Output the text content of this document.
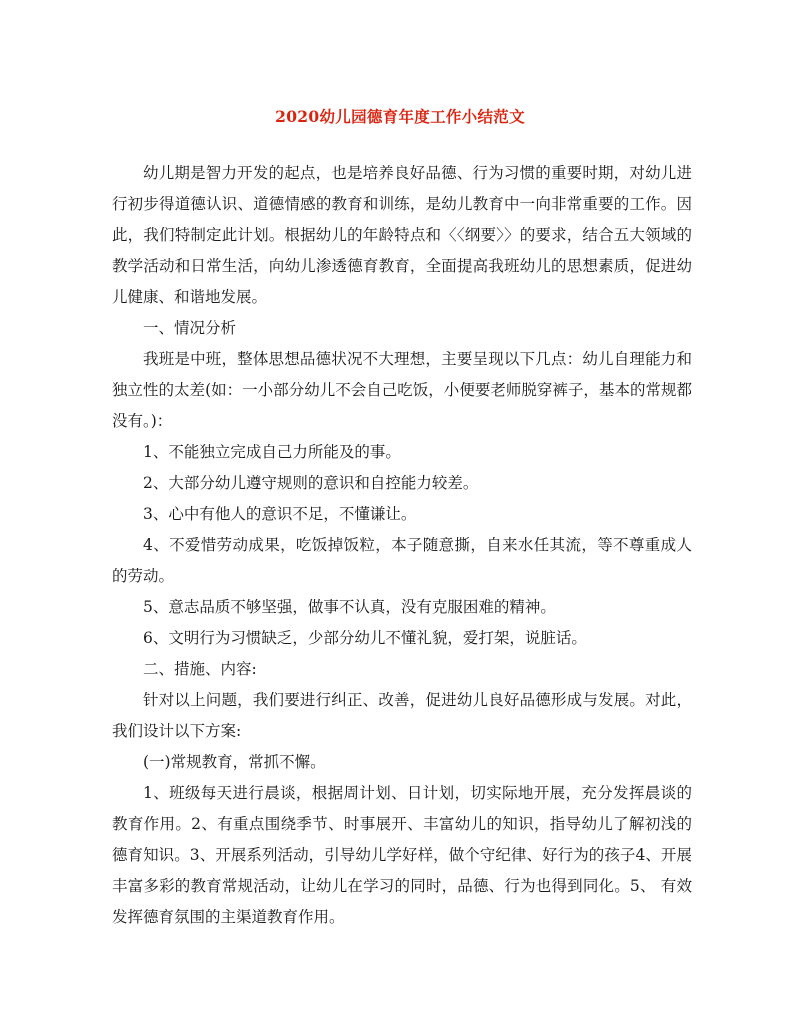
2020幼儿园德育年度工作小结范文

幼儿期是智力开发的起点，也是培养良好品德、行为习惯的重要时期，对幼儿进行初步得道德认识、道德情感的教育和训练，是幼儿教育中一向非常重要的工作。因此，我们特制定此计划。根据幼儿的年龄特点和〈〈纲要〉〉的要求，结合五大领域的教学活动和日常生活，向幼儿渗透德育教育，全面提高我班幼儿的思想素质，促进幼儿健康、和谐地发展。

一、情况分析

我班是中班，整体思想品德状况不大理想，主要呈现以下几点：幼儿自理能力和独立性的太差(如：一小部分幼儿不会自己吃饭，小便要老师脱穿裤子，基本的常规都没有。)：

1、不能独立完成自己力所能及的事。

2、大部分幼儿遵守规则的意识和自控能力较差。

3、心中有他人的意识不足，不懂谦让。

4、不爱惜劳动成果，吃饭掉饭粒，本子随意撕，自来水任其流，等不尊重成人的劳动。

5、意志品质不够坚强，做事不认真，没有克服困难的精神。

6、文明行为习惯缺乏，少部分幼儿不懂礼貌，爱打架，说脏话。

二、措施、内容:

针对以上问题，我们要进行纠正、改善，促进幼儿良好品德形成与发展。对此，我们设计以下方案:

(一)常规教育，常抓不懈。

1、班级每天进行晨谈，根据周计划、日计划，切实际地开展，充分发挥晨谈的教育作用。2、有重点围绕季节、时事展开、丰富幼儿的知识，指导幼儿了解初浅的德育知识。3、开展系列活动，引导幼儿学好样，做个守纪律、好行为的孩子4、开展丰富多彩的教育常规活动，让幼儿在学习的同时，品德、行为也得到同化。5、 有效发挥德育氛围的主渠道教育作用。
